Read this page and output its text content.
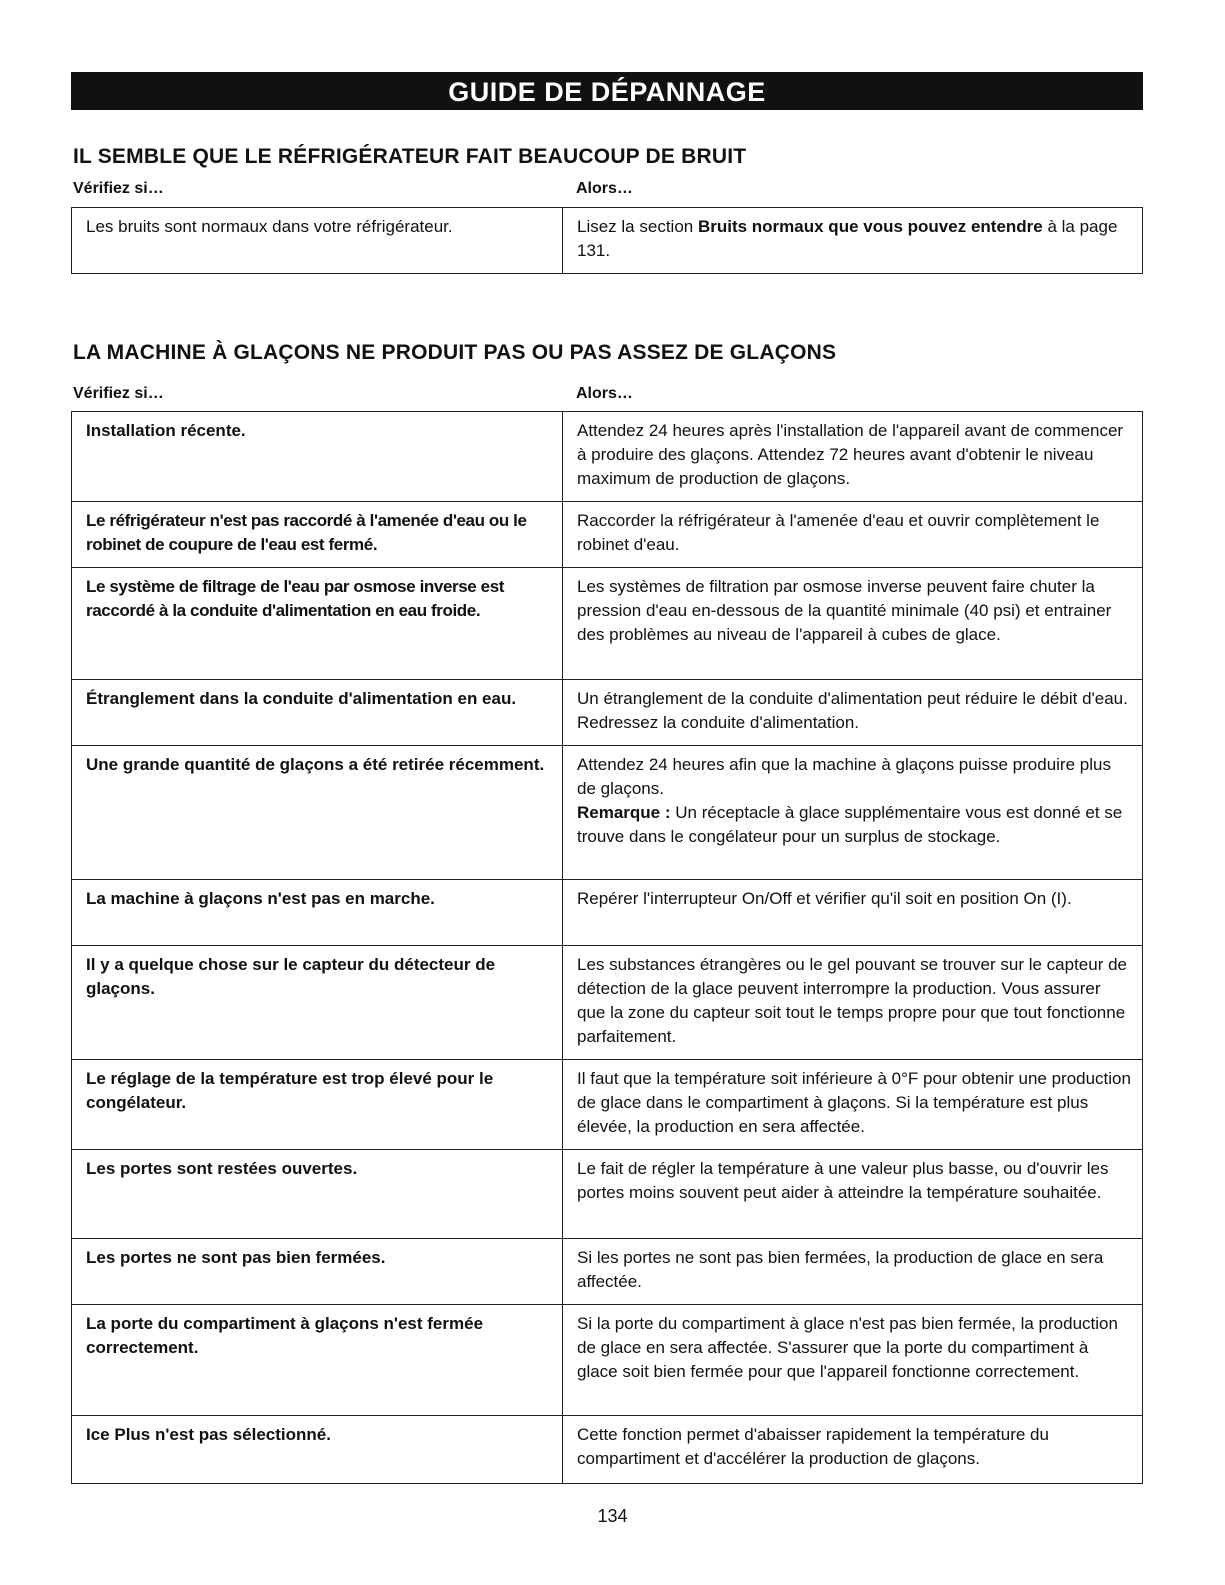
GUIDE DE DÉPANNAGE
IL SEMBLE QUE LE RÉFRIGÉRATEUR FAIT BEAUCOUP DE BRUIT
Vérifiez si…	Alors…
Les bruits sont normaux dans votre réfrigérateur.	Lisez la section Bruits normaux que vous pouvez entendre à la page 131.
LA MACHINE À GLAÇONS NE PRODUIT PAS OU PAS ASSEZ DE GLAÇONS
Vérifiez si…	Alors…
Installation récente.	Attendez 24 heures après l'installation de l'appareil avant de commencer à produire des glaçons. Attendez 72 heures avant d'obtenir le niveau maximum de production de glaçons.
Le réfrigérateur n'est pas raccordé à l'amenée d'eau ou le robinet de coupure de l'eau est fermé.	Raccorder la réfrigérateur à l'amenée d'eau et ouvrir complètement le robinet d'eau.
Le système de filtrage de l'eau par osmose inverse est raccordé à la conduite d'alimentation en eau froide.	Les systèmes de filtration par osmose inverse peuvent faire chuter la pression d'eau en-dessous de la quantité minimale (40 psi) et entrainer des problèmes au niveau de l'appareil à cubes de glace.
Étranglement dans la conduite d'alimentation en eau.	Un étranglement de la conduite d'alimentation peut réduire le débit d'eau. Redressez la conduite d'alimentation.
Une grande quantité de glaçons a été retirée récemment.	Attendez 24 heures afin que la machine à glaçons puisse produire plus de glaçons.
Remarque : Un réceptacle à glace supplémentaire vous est donné et se trouve dans le congélateur pour un surplus de stockage.
La machine à glaçons n'est pas en marche.	Repérer l'interrupteur On/Off et vérifier qu'il soit en position On (I).
Il y a quelque chose sur le capteur du détecteur de glaçons.	Les substances étrangères ou le gel pouvant se trouver sur le capteur de détection de la glace peuvent interrompre la production. Vous assurer que la zone du capteur soit tout le temps propre pour que tout fonctionne parfaitement.
Le réglage de la température est trop élevé pour le congélateur.	Il faut que la température soit inférieure à 0°F pour obtenir une production de glace dans le compartiment à glaçons. Si la température est plus élevée, la production en sera affectée.
Les portes sont restées ouvertes.	Le fait de régler la température à une valeur plus basse, ou d'ouvrir les portes moins souvent peut aider à atteindre la température souhaitée.
Les portes ne sont pas bien fermées.	Si les portes ne sont pas bien fermées, la production de glace en sera affectée.
La porte du compartiment à glaçons n'est fermée correctement.	Si la porte du compartiment à glace n'est pas bien fermée, la production de glace en sera affectée. S'assurer que la porte du compartiment à glace soit bien fermée pour que l'appareil fonctionne correctement.
Ice Plus n'est pas sélectionné.	Cette fonction permet d'abaisser rapidement la température du compartiment et d'accélérer la production de glaçons.
134
